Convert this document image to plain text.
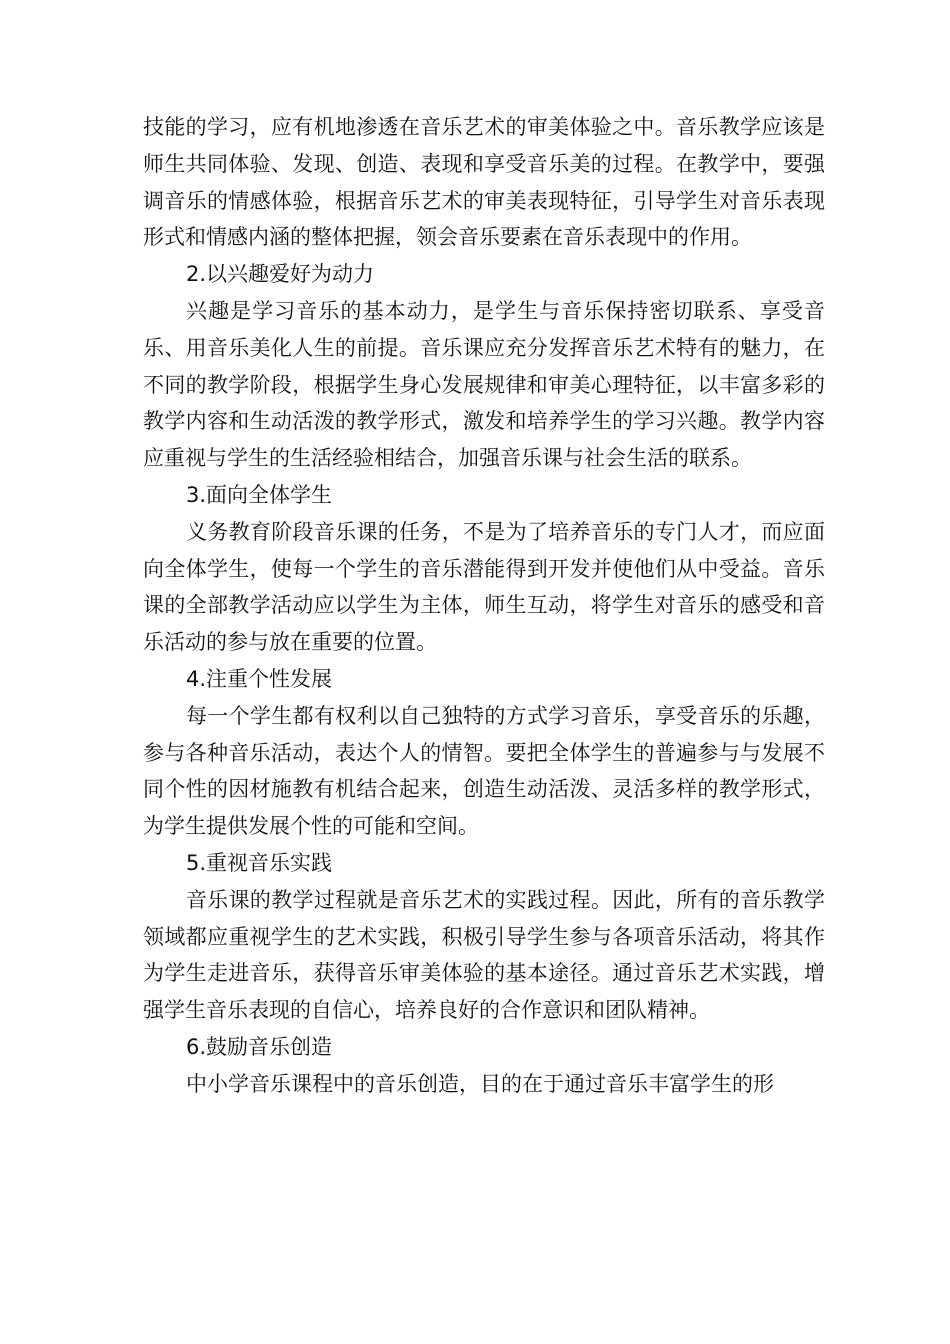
技能的学习，应有机地渗透在音乐艺术的审美体验之中。音乐教学应该是师生共同体验、发现、创造、表现和享受音乐美的过程。在教学中，要强调音乐的情感体验，根据音乐艺术的审美表现特征，引导学生对音乐表现形式和情感内涵的整体把握，领会音乐要素在音乐表现中的作用。

2.以兴趣爱好为动力

兴趣是学习音乐的基本动力，是学生与音乐保持密切联系、享受音乐、用音乐美化人生的前提。音乐课应充分发挥音乐艺术特有的魅力，在不同的教学阶段，根据学生身心发展规律和审美心理特征，以丰富多彩的教学内容和生动活泼的教学形式，激发和培养学生的学习兴趣。教学内容应重视与学生的生活经验相结合，加强音乐课与社会生活的联系。

3.面向全体学生

义务教育阶段音乐课的任务，不是为了培养音乐的专门人才，而应面向全体学生，使每一个学生的音乐潜能得到开发并使他们从中受益。音乐课的全部教学活动应以学生为主体，师生互动，将学生对音乐的感受和音乐活动的参与放在重要的位置。

4.注重个性发展

每一个学生都有权利以自己独特的方式学习音乐，享受音乐的乐趣，参与各种音乐活动，表达个人的情智。要把全体学生的普遍参与与发展不同个性的因材施教有机结合起来，创造生动活泼、灵活多样的教学形式，为学生提供发展个性的可能和空间。

5.重视音乐实践

音乐课的教学过程就是音乐艺术的实践过程。因此，所有的音乐教学领域都应重视学生的艺术实践，积极引导学生参与各项音乐活动，将其作为学生走进音乐，获得音乐审美体验的基本途径。通过音乐艺术实践，增强学生音乐表现的自信心，培养良好的合作意识和团队精神。

6.鼓励音乐创造

中小学音乐课程中的音乐创造，目的在于通过音乐丰富学生的形
